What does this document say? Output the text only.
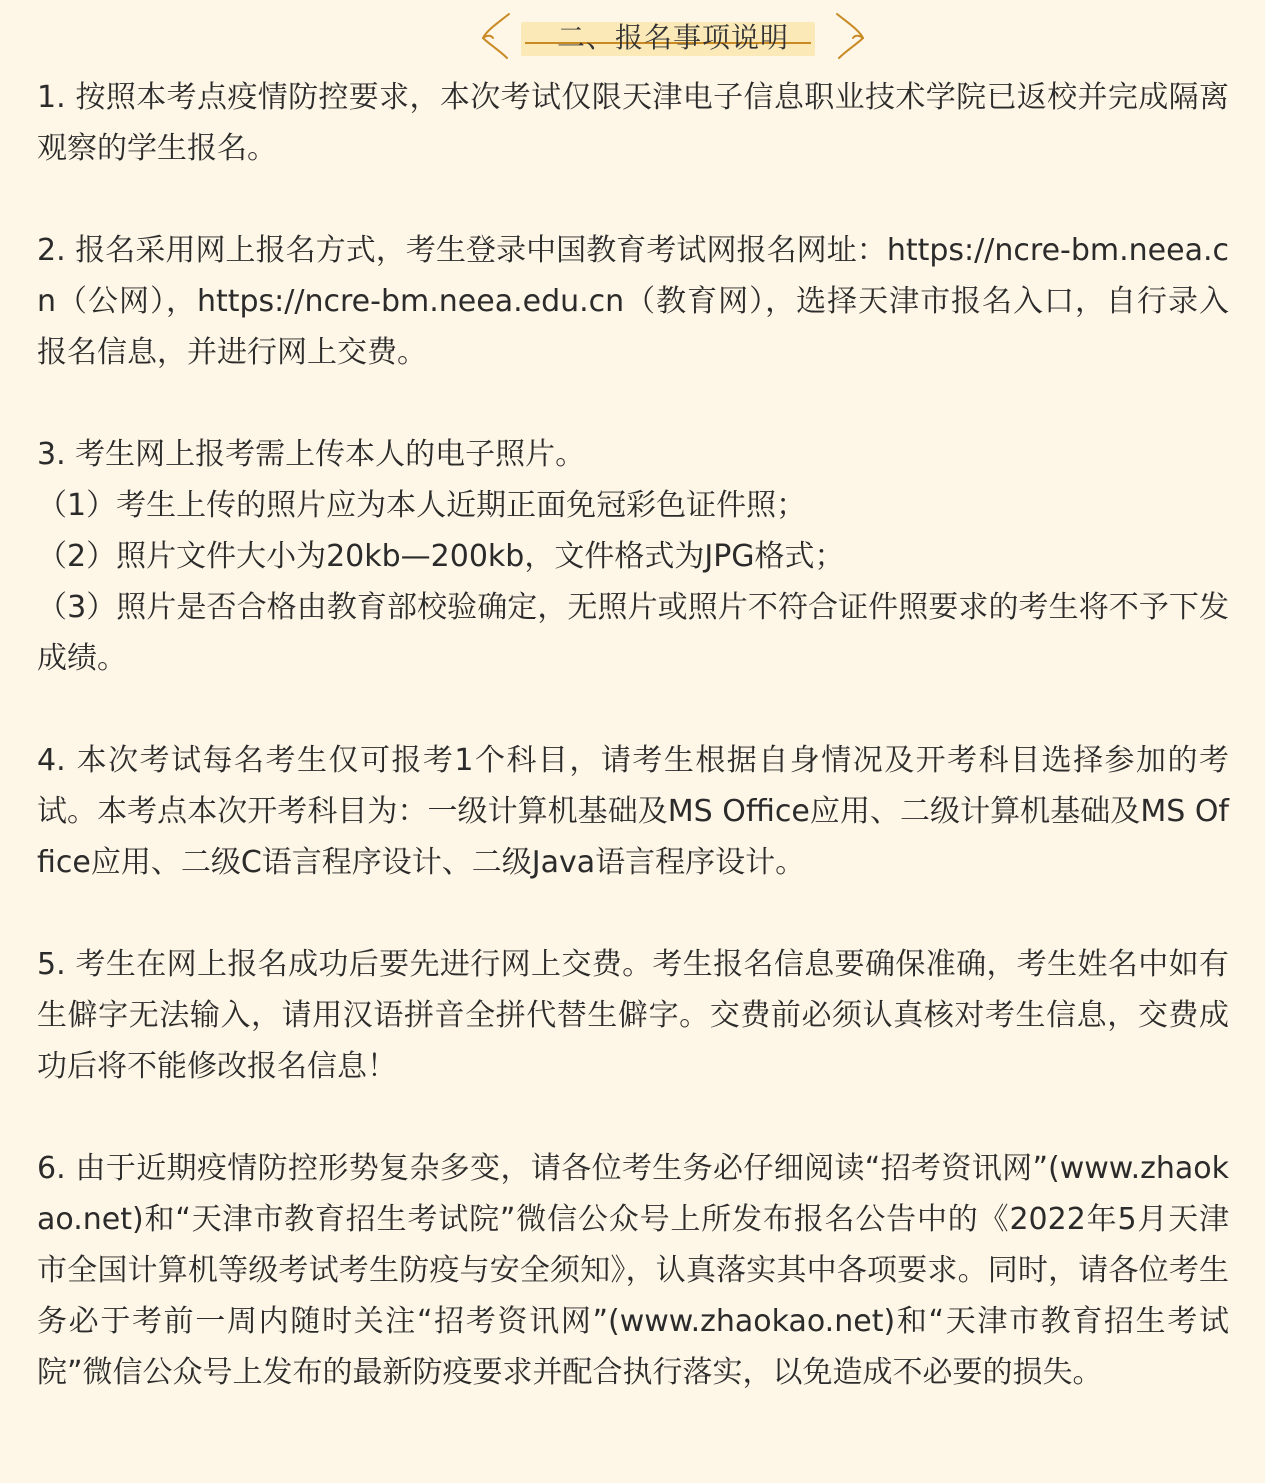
二、报名事项说明

1. 按照本考点疫情防控要求，本次考试仅限天津电子信息职业技术学院已返校并完成隔离观察的学生报名。

2. 报名采用网上报名方式，考生登录中国教育考试网报名网址：https://ncre-bm.neea.cn（公网），https://ncre-bm.neea.edu.cn（教育网），选择天津市报名入口，自行录入报名信息，并进行网上交费。

3. 考生网上报考需上传本人的电子照片。

（1）考生上传的照片应为本人近期正面免冠彩色证件照；

（2）照片文件大小为20kb—200kb，文件格式为JPG格式；

（3）照片是否合格由教育部校验确定，无照片或照片不符合证件照要求的考生将不予下发成绩。

4. 本次考试每名考生仅可报考1个科目，请考生根据自身情况及开考科目选择参加的考试。本考点本次开考科目为：一级计算机基础及MS Office应用、二级计算机基础及MS Office应用、二级C语言程序设计、二级Java语言程序设计。

5. 考生在网上报名成功后要先进行网上交费。考生报名信息要确保准确，考生姓名中如有生僻字无法输入，请用汉语拼音全拼代替生僻字。交费前必须认真核对考生信息，交费成功后将不能修改报名信息！

6. 由于近期疫情防控形势复杂多变，请各位考生务必仔细阅读“招考资讯网”(www.zhaokao.net)和“天津市教育招生考试院”微信公众号上所发布报名公告中的《2022年5月天津市全国计算机等级考试考生防疫与安全须知》，认真落实其中各项要求。同时，请各位考生务必于考前一周内随时关注“招考资讯网”(www.zhaokao.net)和“天津市教育招生考试院”微信公众号上发布的最新防疫要求并配合执行落实，以免造成不必要的损失。
